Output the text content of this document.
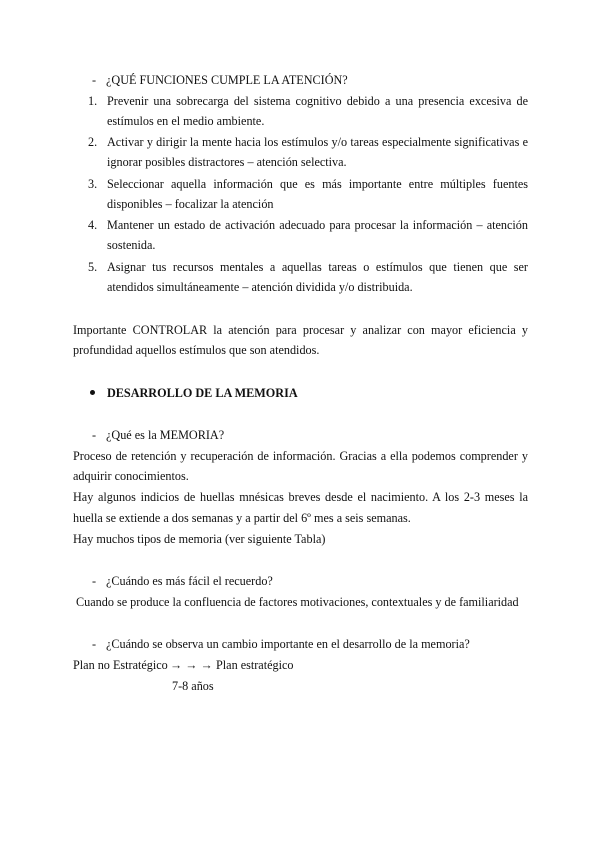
- ¿QUÉ FUNCIONES CUMPLE LA ATENCIÓN?
1. Prevenir una sobrecarga del sistema cognitivo debido a una presencia excesiva de
estímulos en el medio ambiente.
2. Activar y dirigir la mente hacia los estímulos y/o tareas especialmente significativas e
ignorar posibles distractores – atención selectiva.
3. Seleccionar aquella información que es más importante entre múltiples fuentes
disponibles – focalizar la atención
4. Mantener un estado de activación adecuado para procesar la información – atención
sostenida.
5. Asignar tus recursos mentales a aquellas tareas o estímulos que tienen que ser
atendidos simultáneamente – atención dividida y/o distribuida.
Importante CONTROLAR la atención para procesar y analizar con mayor eficiencia y
profundidad aquellos estímulos que son atendidos.
DESARROLLO DE LA MEMORIA
- ¿Qué es la MEMORIA?
Proceso de retención y recuperación de información. Gracias a ella podemos comprender y
adquirir conocimientos.
Hay algunos indicios de huellas mnésicas breves desde el nacimiento. A los 2-3 meses la
huella se extiende a dos semanas y a partir del 6º mes a seis semanas.
Hay muchos tipos de memoria (ver siguiente Tabla)
- ¿Cuándo es más fácil el recuerdo?
Cuando se produce la confluencia de factores motivaciones, contextuales y de familiaridad
- ¿Cuándo se observa un cambio importante en el desarrollo de la memoria?
Plan no Estratégico → → → Plan estratégico
7-8 años
